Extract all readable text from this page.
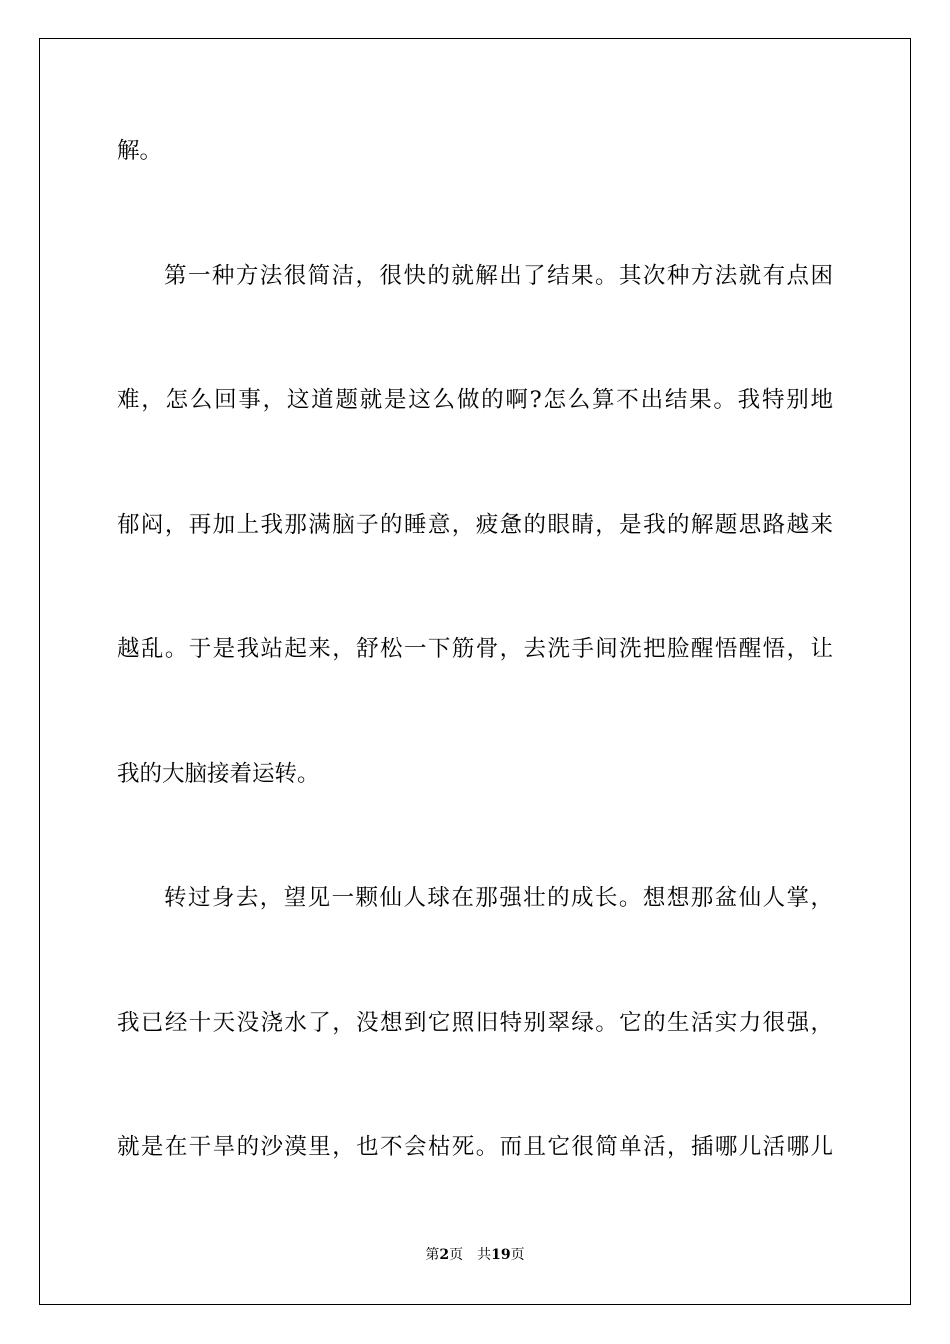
解。
第一种方法很简洁，很快的就解出了结果。其次种方法就有点困
难，怎么回事，这道题就是这么做的啊?怎么算不出结果。我特别地
郁闷，再加上我那满脑子的睡意，疲惫的眼睛，是我的解题思路越来
越乱。于是我站起来，舒松一下筋骨，去洗手间洗把脸醒悟醒悟，让
我的大脑接着运转。
转过身去，望见一颗仙人球在那强壮的成长。想想那盆仙人掌，
我已经十天没浇水了，没想到它照旧特别翠绿。它的生活实力很强，
就是在干旱的沙漠里，也不会枯死。而且它很简单活，插哪儿活哪儿
第2页 共19页
